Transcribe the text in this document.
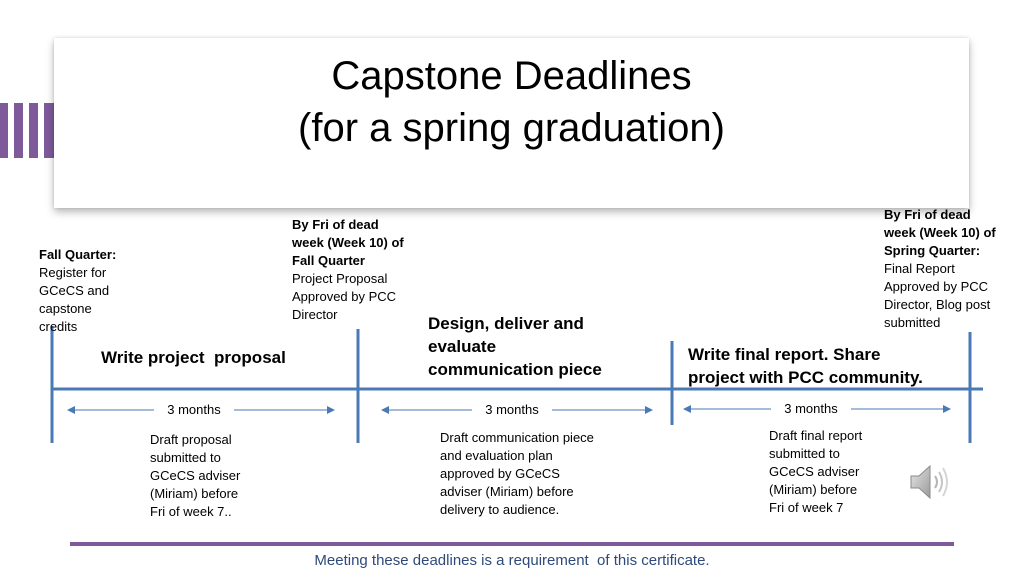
Capstone Deadlines
(for a spring graduation)
3 months	3 months	3 months
Fall Quarter:
Register for
GCeCS and
capstone
credits
By Fri of dead
week (Week 10) of
Fall Quarter
Project Proposal
Approved by PCC
Director
By Fri of dead
week (Week 10) of
Spring Quarter:
Final Report
Approved by PCC
Director, Blog post
submitted
Write project  proposal
Design, deliver and
evaluate
communication piece
Write final report. Share
project with PCC community.
Draft proposal
submitted to
GCeCS adviser
(Miriam) before
Fri of week 7..
Draft communication piece
and evaluation plan
approved by GCeCS
adviser (Miriam) before
delivery to audience.
Draft final report
submitted to
GCeCS adviser
(Miriam) before
Fri of week 7
Meeting these deadlines is a requirement  of this certificate.
